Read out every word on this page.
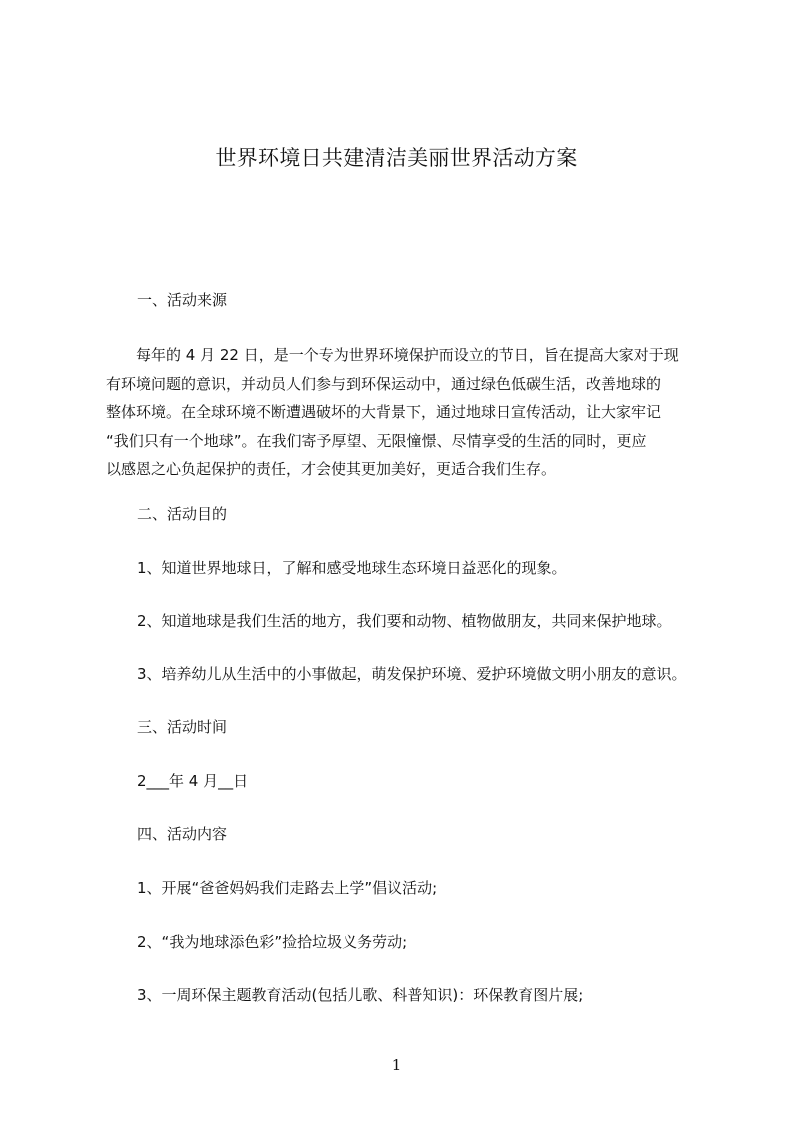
世界环境日共建清洁美丽世界活动方案
一、活动来源
　　每年的 4 月 22 日，是一个专为世界环境保护而设立的节日，旨在提高大家对于现
有环境问题的意识，并动员人们参与到环保运动中，通过绿色低碳生活，改善地球的
整体环境。在全球环境不断遭遇破坏的大背景下，通过地球日宣传活动，让大家牢记
“我们只有一个地球”。在我们寄予厚望、无限憧憬、尽情享受的生活的同时，更应
以感恩之心负起保护的责任，才会使其更加美好，更适合我们生存。
二、活动目的
1、知道世界地球日，了解和感受地球生态环境日益恶化的现象。
2、知道地球是我们生活的地方，我们要和动物、植物做朋友，共同来保护地球。
3、培养幼儿从生活中的小事做起，萌发保护环境、爱护环境做文明小朋友的意识。
三、活动时间
2___年 4 月__日
四、活动内容
1、开展“爸爸妈妈我们走路去上学”倡议活动;
2、“我为地球添色彩”捡拾垃圾义务劳动;
3、一周环保主题教育活动(包括儿歌、科普知识)：环保教育图片展;
1
